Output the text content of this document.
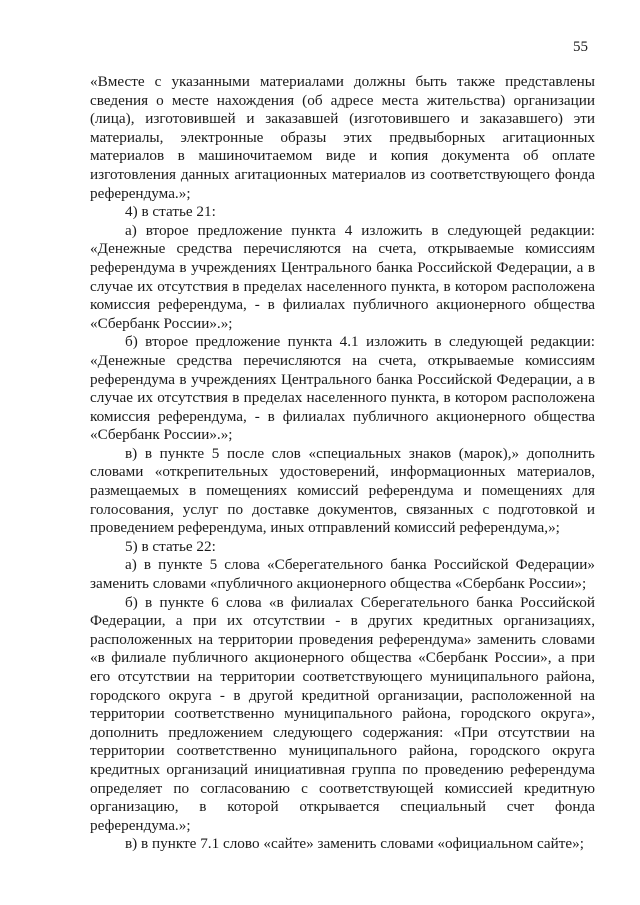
55

«Вместе с указанными материалами должны быть также представлены сведения о месте нахождения (об адресе места жительства) организации (лица), изготовившей и заказавшей (изготовившего и заказавшего) эти материалы, электронные образы этих предвыборных агитационных материалов в машиночитаемом виде и копия документа об оплате изготовления данных агитационных материалов из соответствующего фонда референдума.»;

4) в статье 21:

а) второе предложение пункта 4 изложить в следующей редакции: «Денежные средства перечисляются на счета, открываемые комиссиям референдума в учреждениях Центрального банка Российской Федерации, а в случае их отсутствия в пределах населенного пункта, в котором расположена комиссия референдума, - в филиалах публичного акционерного общества «Сбербанк России».»;

б) второе предложение пункта 4.1 изложить в следующей редакции: «Денежные средства перечисляются на счета, открываемые комиссиям референдума в учреждениях Центрального банка Российской Федерации, а в случае их отсутствия в пределах населенного пункта, в котором расположена комиссия референдума, - в филиалах публичного акционерного общества «Сбербанк России».»;

в) в пункте 5 после слов «специальных знаков (марок),» дополнить словами «открепительных удостоверений, информационных материалов, размещаемых в помещениях комиссий референдума и помещениях для голосования, услуг по доставке документов, связанных с подготовкой и проведением референдума, иных отправлений комиссий референдума,»;

5) в статье 22:

а) в пункте 5 слова «Сберегательного банка Российской Федерации» заменить словами «публичного акционерного общества «Сбербанк России»;

б) в пункте 6 слова «в филиалах Сберегательного банка Российской Федерации, а при их отсутствии - в других кредитных организациях, расположенных на территории проведения референдума» заменить словами «в филиале публичного акционерного общества «Сбербанк России», а при его отсутствии на территории соответствующего муниципального района, городского округа - в другой кредитной организации, расположенной на территории соответственно муниципального района, городского округа», дополнить предложением следующего содержания: «При отсутствии на территории соответственно муниципального района, городского округа кредитных организаций инициативная группа по проведению референдума определяет по согласованию с соответствующей комиссией кредитную организацию, в которой открывается специальный счет фонда референдума.»;

в) в пункте 7.1 слово «сайте» заменить словами «официальном сайте»;
